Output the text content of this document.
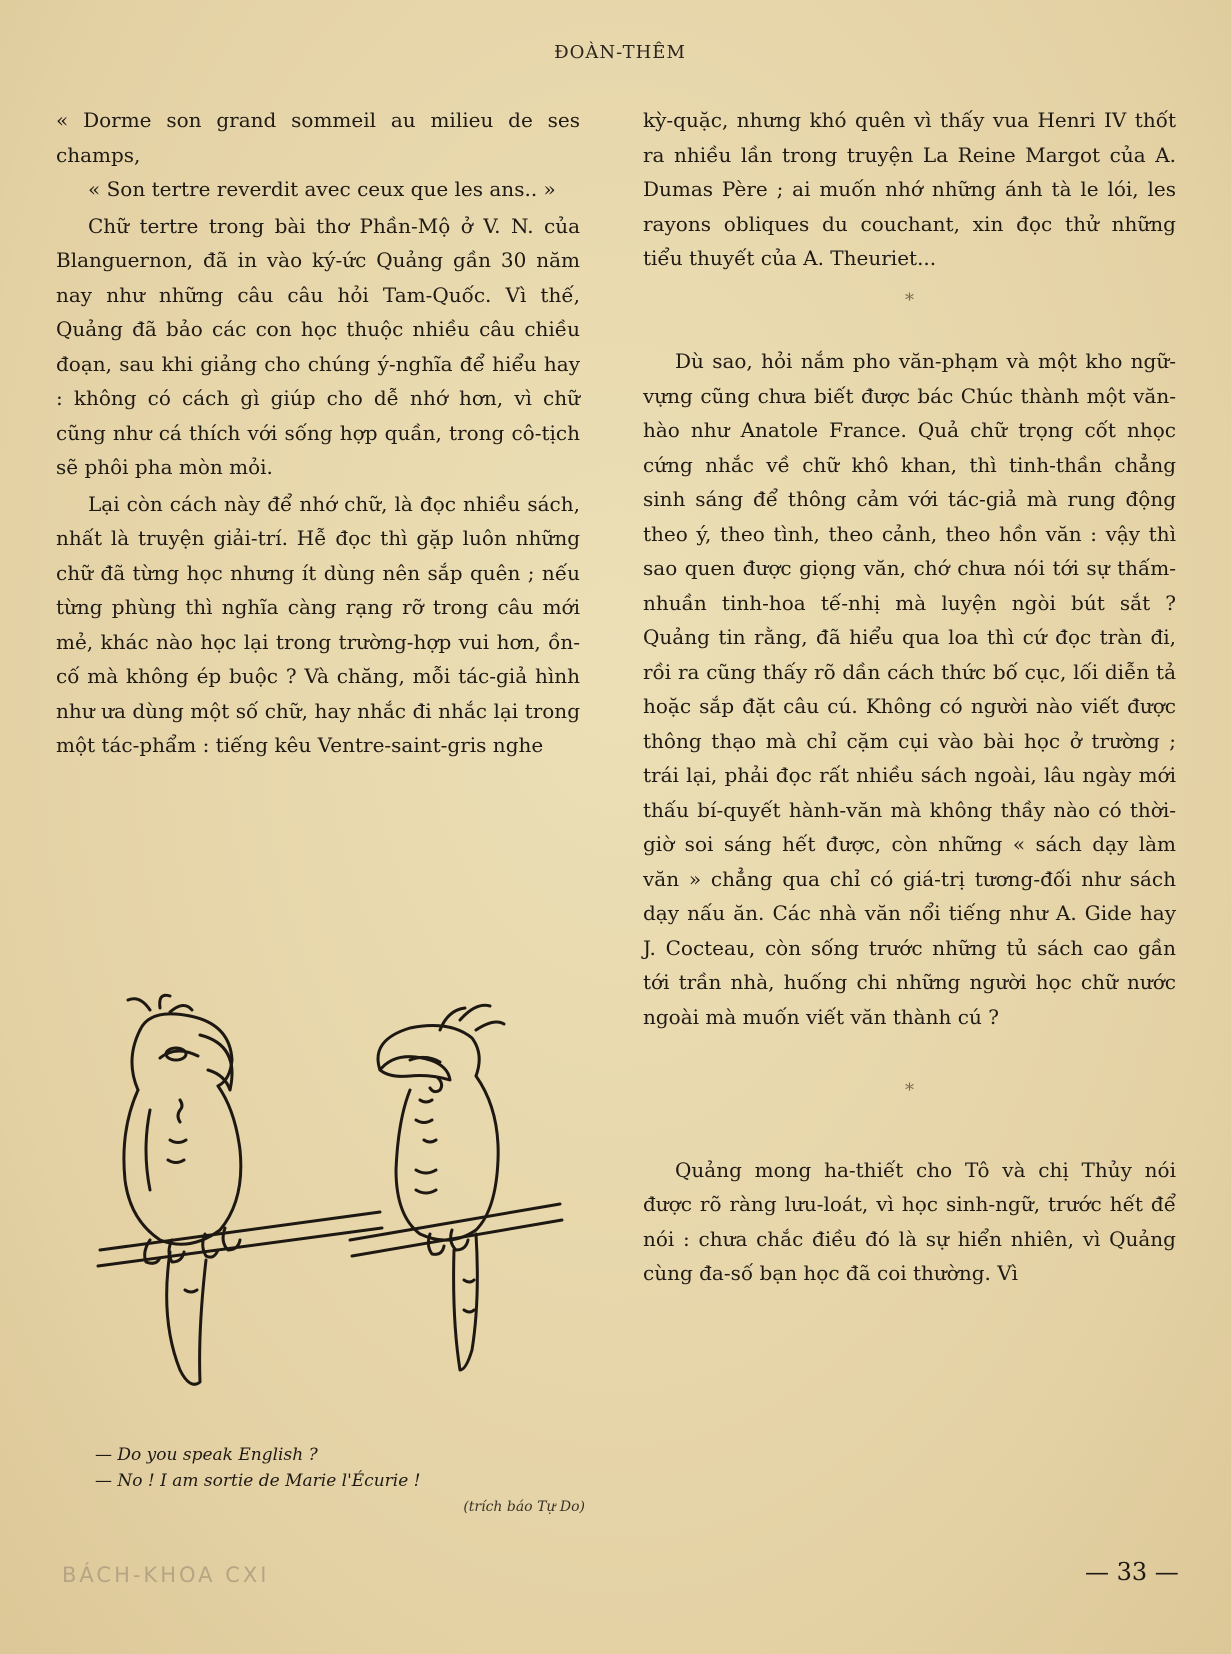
ĐOÀN-THÊM

« Dorme son grand sommeil au milieu de ses champs,

« Son tertre reverdit avec ceux que les ans.. »

Chữ tertre trong bài thơ Phần-Mộ ở V. N. của Blanguernon, đã in vào ký-ức Quảng gần 30 năm nay như những câu câu hỏi Tam-Quốc. Vì thế, Quảng đã bảo các con học thuộc nhiều câu chiều đoạn, sau khi giảng cho chúng ý-nghĩa để hiểu hay : không có cách gì giúp cho dễ nhớ hơn, vì chữ cũng như cá thích với sống hợp quần, trong cô-tịch sẽ phôi pha mòn mỏi.

Lại còn cách này để nhớ chữ, là đọc nhiều sách, nhất là truyện giải-trí. Hễ đọc thì gặp luôn những chữ đã từng học nhưng ít dùng nên sắp quên ; nếu từng phùng thì nghĩa càng rạng rỡ trong câu mới mẻ, khác nào học lại trong trường-hợp vui hơn, ồn-cố mà không ép buộc ? Và chăng, mỗi tác-giả hình như ưa dùng một số chữ, hay nhắc đi nhắc lại trong một tác-phẩm : tiếng kêu Ventre-saint-gris nghe

kỳ-quặc, nhưng khó quên vì thấy vua Henri IV thốt ra nhiều lần trong truyện La Reine Margot của A. Dumas Père ; ai muốn nhớ những ánh tà le lói, les rayons obliques du couchant, xin đọc thử những tiểu thuyết của A. Theuriet...

*

Dù sao, hỏi nắm pho văn-phạm và một kho ngữ-vựng cũng chưa biết được bác Chúc thành một văn-hào như Anatole France. Quả chữ trọng cốt nhọc cứng nhắc về chữ khô khan, thì tinh-thần chẳng sinh sáng để thông cảm với tác-giả mà rung động theo ý, theo tình, theo cảnh, theo hồn văn : vậy thì sao quen được giọng văn, chớ chưa nói tới sự thấm-nhuần tinh-hoa tế-nhị mà luyện ngòi bút sắt ? Quảng tin rằng, đã hiểu qua loa thì cứ đọc tràn đi, rồi ra cũng thấy rõ dần cách thức bố cục, lối diễn tả hoặc sắp đặt câu cú. Không có người nào viết được thông thạo mà chỉ cặm cụi vào bài học ở trường ; trái lại, phải đọc rất nhiều sách ngoài, lâu ngày mới thấu bí-quyết hành-văn mà không thầy nào có thời-giờ soi sáng hết được, còn những « sách dạy làm văn » chẳng qua chỉ có giá-trị tương-đối như sách dạy nấu ăn. Các nhà văn nổi tiếng như A. Gide hay J. Cocteau, còn sống trước những tủ sách cao gần tới trần nhà, huống chi những người học chữ nước ngoài mà muốn viết văn thành cú ?

*

Quảng mong ha-thiết cho Tô và chị Thủy nói được rõ ràng lưu-loát, vì học sinh-ngữ, trước hết để nói : chưa chắc điều đó là sự hiển nhiên, vì Quảng cùng đa-số bạn học đã coi thường. Vì

— Do you speak English ?
— No ! I am sortie de Marie l'Écurie !
(trích báo Tự Do)
BÁCH-KHOA CXI	— 33 —
